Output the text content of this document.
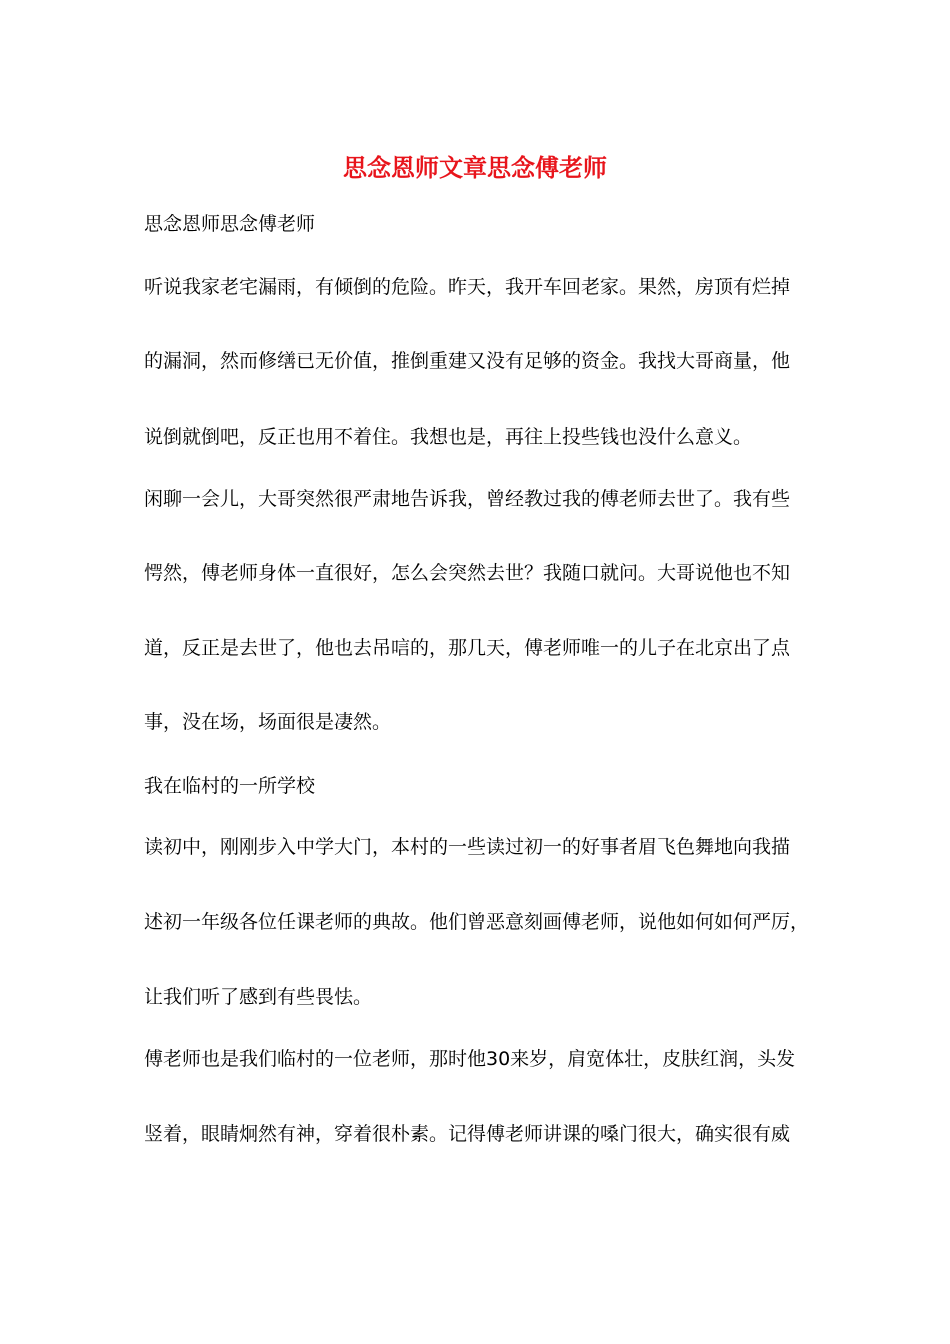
思念恩师文章思念傅老师

思念恩师思念傅老师

听说我家老宅漏雨，有倾倒的危险。昨天，我开车回老家。果然，房顶有烂掉

的漏洞，然而修缮已无价值，推倒重建又没有足够的资金。我找大哥商量，他

说倒就倒吧，反正也用不着住。我想也是，再往上投些钱也没什么意义。

闲聊一会儿，大哥突然很严肃地告诉我，曾经教过我的傅老师去世了。我有些

愕然，傅老师身体一直很好，怎么会突然去世？我随口就问。大哥说他也不知

道，反正是去世了，他也去吊唁的，那几天，傅老师唯一的儿子在北京出了点

事，没在场，场面很是凄然。

我在临村的一所学校

读初中，刚刚步入中学大门，本村的一些读过初一的好事者眉飞色舞地向我描

述初一年级各位任课老师的典故。他们曾恶意刻画傅老师，说他如何如何严厉，

让我们听了感到有些畏怯。

傅老师也是我们临村的一位老师，那时他30来岁，肩宽体壮，皮肤红润，头发

竖着，眼睛炯然有神，穿着很朴素。记得傅老师讲课的嗓门很大，确实很有威
